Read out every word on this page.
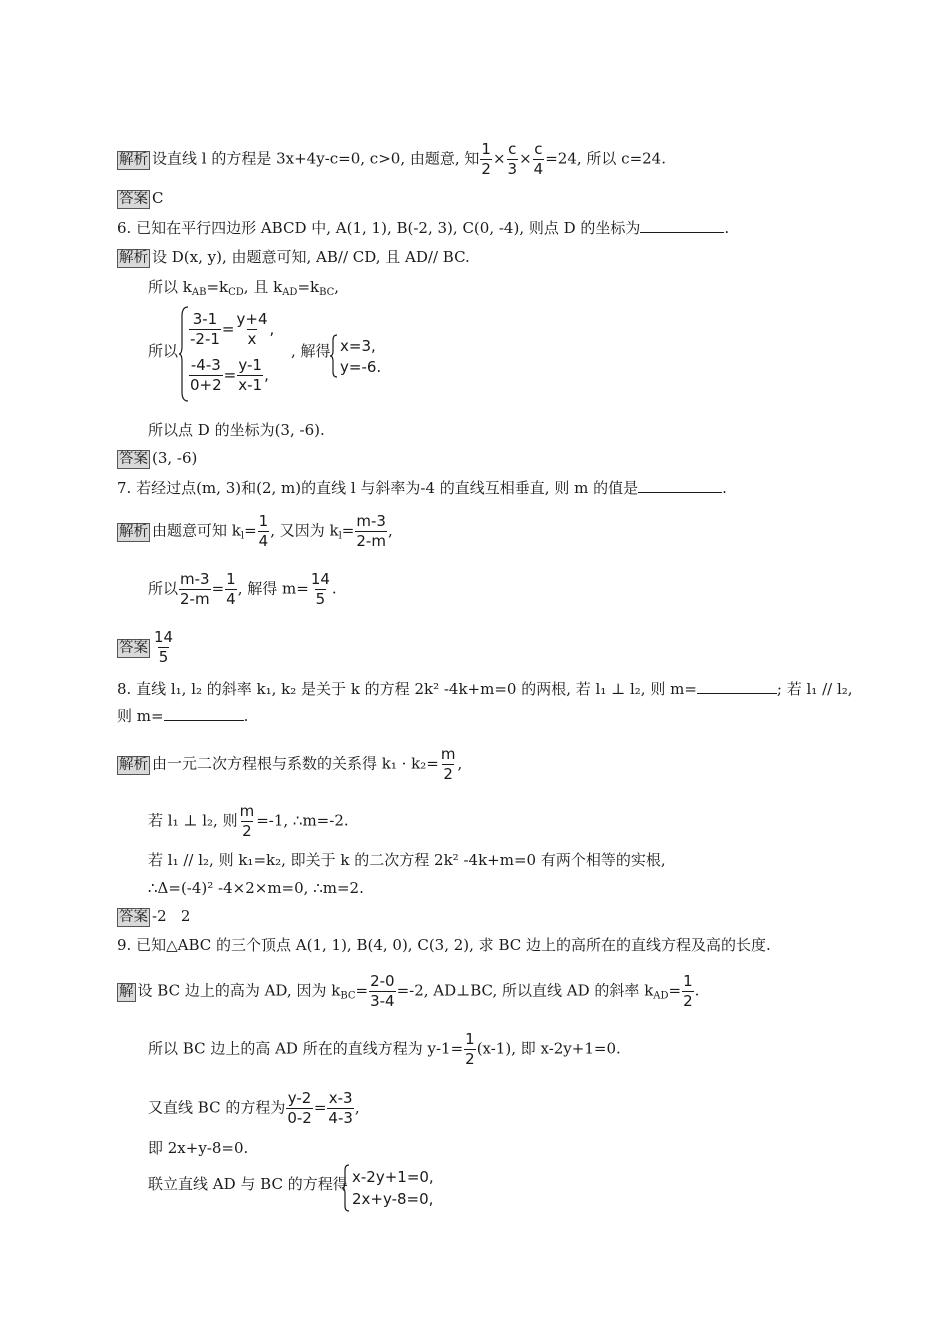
解析 设直线 l 的方程是 3x+4y-c=0, c>0, 由题意, 知 $\frac{1}{2} \times \frac{c}{3} \times \frac{c}{4} =24$, 所以 c=24.
答案 C
6. 已知在平行四边形 ABCD 中, A(1, 1), B(-2, 3), C(0, -4), 则点 D 的坐标为	.
解析 设 D(x, y), 由题意可知, AB// CD, 且 AD// BC.
所以 $k_{AB}=k_{CD}$, 且 $k_{AD}=k_{BC}$,
所以
$\frac{3-1}{-2-1} = \frac{y+4}{x}$ ,
$\frac{-4-3}{0+2} = \frac{y-1}{x-1}$ ,
, 解得 x=3,
y=-6.
所以点 D 的坐标为(3, -6).
答案 (3, -6)
7. 若经过点(m, 3)和(2, m)的直线 l 与斜率为-4 的直线互相垂直, 则 m 的值是	.
解析 由题意可知 $k_l= \frac{1}{4}$ , 又因为 $k_l= \frac{m-3}{2-m}$ ,
所以 $\frac{m-3}{2-m} = \frac{1}{4}$ , 解得 $m= \frac{14}{5}$ .
答案 $\frac{14}{5}$
8. 直线 l₁, l₂ 的斜率 k₁, k₂ 是关于 k 的方程 2k² -4k+m=0 的两根, 若 l₁ ⊥ l₂, 则 m=	; 若 l₁ // l₂,
则 m=	.
解析 由一元二次方程根与系数的关系得 $k_1 \cdot k_2= \frac{m}{2}$ ,
若 l₁ ⊥ l₂, 则 $\frac{m}{2} =-1$, ∴m=-2.
若 l₁ // l₂, 则 k₁=k₂, 即关于 k 的二次方程 2k² -4k+m=0 有两个相等的实根,
∴Δ=(-4)² -4×2×m=0, ∴m=2.
答案 -2   2
9. 已知△ABC 的三个顶点 A(1, 1), B(4, 0), C(3, 2), 求 BC 边上的高所在的直线方程及高的长度.
解 设 BC 边上的高为 AD, 因为 $k_{BC}= \frac{2-0}{3-4} =-2$, AD⊥BC, 所以直线 AD 的斜率 $k_{AD}= \frac{1}{2}$ .
所以 BC 边上的高 AD 所在的直线方程为 $y-1= \frac{1}{2} (x-1)$, 即 x-2y+1=0.
又直线 BC 的方程为 $\frac{y-2}{0-2} = \frac{x-3}{4-3}$ ,
即 2x+y-8=0.
联立直线 AD 与 BC 的方程得 x-2y+1=0,
2x+y-8=0,
